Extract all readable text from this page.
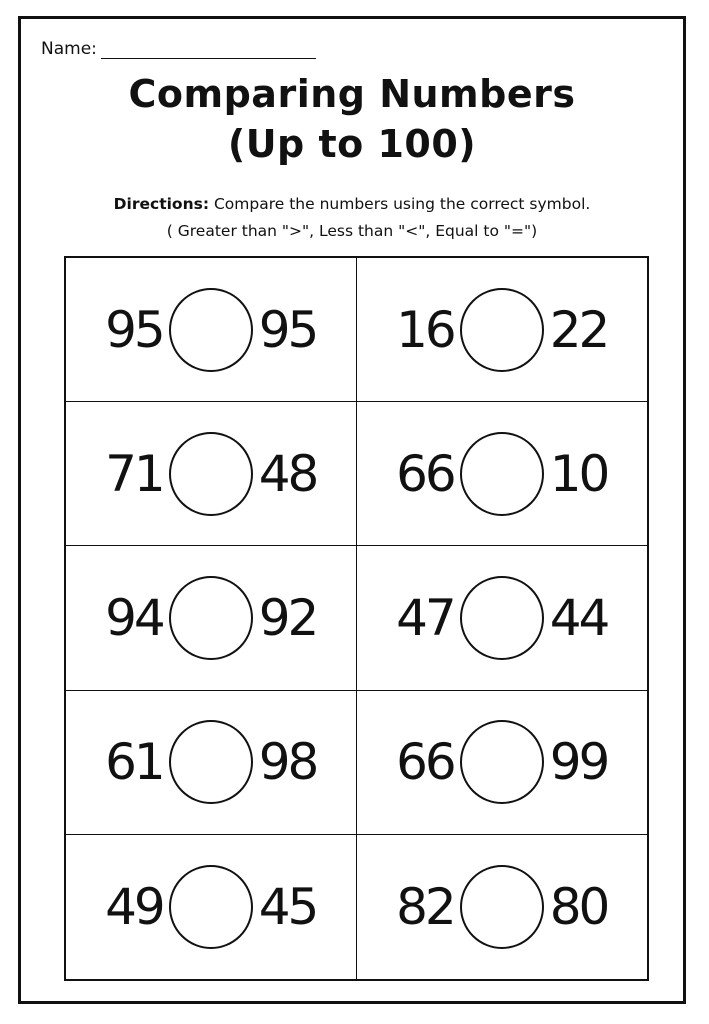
Name:
Comparing Numbers
(Up to 100)
Directions: Compare the numbers using the correct symbol.
( Greater than ">", Less than "<", Equal to "=")
95 95	16 22
71 48	66 10
94 92	47 44
61 98	66 99
49 45	82 80
